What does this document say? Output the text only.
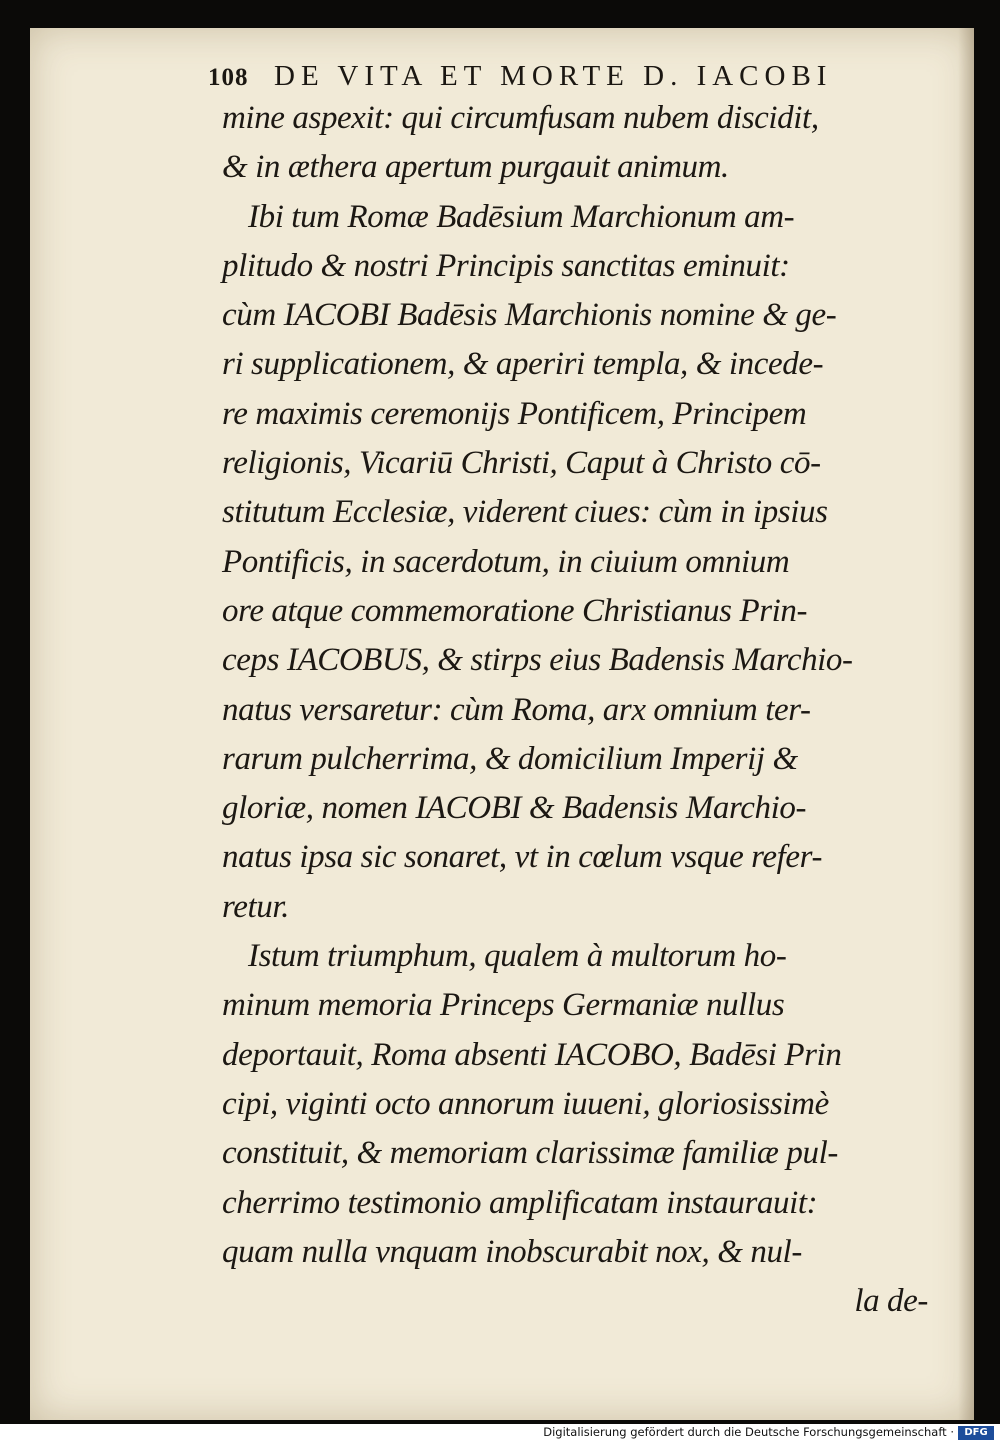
108 DE VITA ET MORTE D. IACOBI
mine aspexit: qui circumfusam nubem discidit,
& in æthera apertum purgauit animum.
Ibi tum Romæ Badēsium Marchionum am-
plitudo & nostri Principis sanctitas eminuit:
cùm IACOBI Badēsis Marchionis nomine & ge-
ri supplicationem, & aperiri templa, & incede-
re maximis ceremonijs Pontificem, Principem
religionis, Vicariū Christi, Caput à Christo cō-
stitutum Ecclesiæ, viderent ciues: cùm in ipsius
Pontificis, in sacerdotum, in ciuium omnium
ore atque commemoratione Christianus Prin-
ceps IACOBUS, & stirps eius Badensis Marchio-
natus versaretur: cùm Roma, arx omnium ter-
rarum pulcherrima, & domicilium Imperij &
gloriæ, nomen IACOBI & Badensis Marchio-
natus ipsa sic sonaret, vt in cœlum vsque refer-
retur.
Istum triumphum, qualem à multorum ho-
minum memoria Princeps Germaniæ nullus
deportauit, Roma absenti IACOBO, Badēsi Prin
cipi, viginti octo annorum iuueni, gloriosissimè
constituit, & memoriam clarissimæ familiæ pul-
cherrimo testimonio amplificatam instaurauit:
quam nulla vnquam inobscurabit nox, & nul-
la de-
Digitalisierung gefördert durch die Deutsche Forschungsgemeinschaft ·	DFG
